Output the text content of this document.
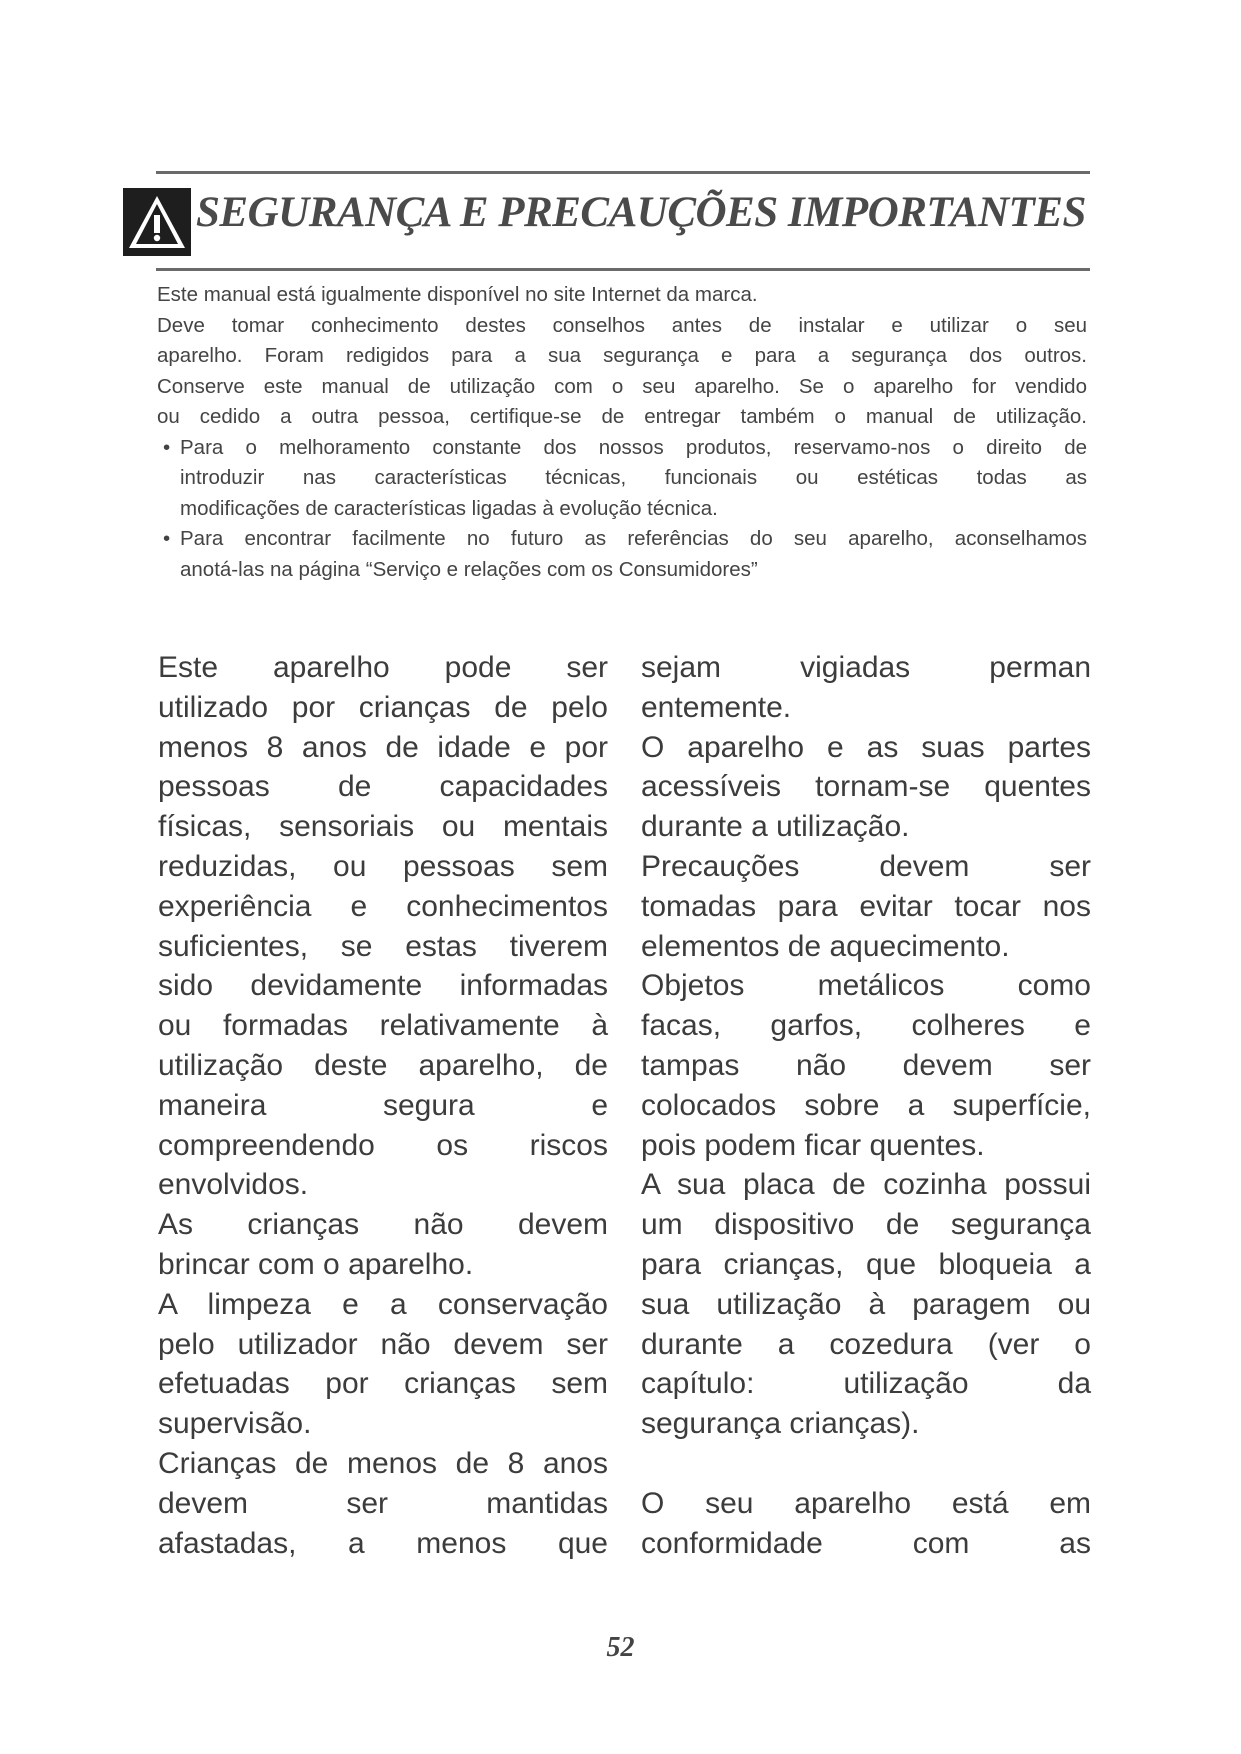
SEGURANÇA E PRECAUÇÕES IMPORTANTES
Este manual está igualmente disponível no site Internet da marca.
Deve tomar conhecimento destes conselhos antes de instalar e utilizar o seu
aparelho. Foram redigidos para a sua segurança e para a segurança dos outros.
Conserve este manual de utilização com o seu aparelho. Se o aparelho for vendido
ou cedido a outra pessoa, certifique-se de entregar também o manual de utilização.
• Para o melhoramento constante dos nossos produtos, reservamo-nos o direito de
introduzir nas características técnicas, funcionais ou estéticas todas as
modificações de características ligadas à evolução técnica.
• Para encontrar facilmente no futuro as referências do seu aparelho, aconselhamos
anotá-las na página “Serviço e relações com os Consumidores”
Este aparelho pode ser
utilizado por crianças de pelo
menos 8 anos de idade e por
pessoas de capacidades
físicas, sensoriais ou mentais
reduzidas, ou pessoas sem
experiência e conhecimentos
suficientes, se estas tiverem
sido devidamente informadas
ou formadas relativamente à
utilização deste aparelho, de
maneira segura e
compreendendo os riscos
envolvidos.
As crianças não devem
brincar com o aparelho.
A limpeza e a conservação
pelo utilizador não devem ser
efetuadas por crianças sem
supervisão.
Crianças de menos de 8 anos
devem ser mantidas
afastadas, a menos que
sejam vigiadas perman
entemente.
O aparelho e as suas partes
acessíveis tornam-se quentes
durante a utilização.
Precauções devem ser
tomadas para evitar tocar nos
elementos de aquecimento.
Objetos metálicos como
facas, garfos, colheres e
tampas não devem ser
colocados sobre a superfície,
pois podem ficar quentes.
A sua placa de cozinha possui
um dispositivo de segurança
para crianças, que bloqueia a
sua utilização à paragem ou
durante a cozedura (ver o
capítulo: utilização da
segurança crianças).
O seu aparelho está em
conformidade com as
52
